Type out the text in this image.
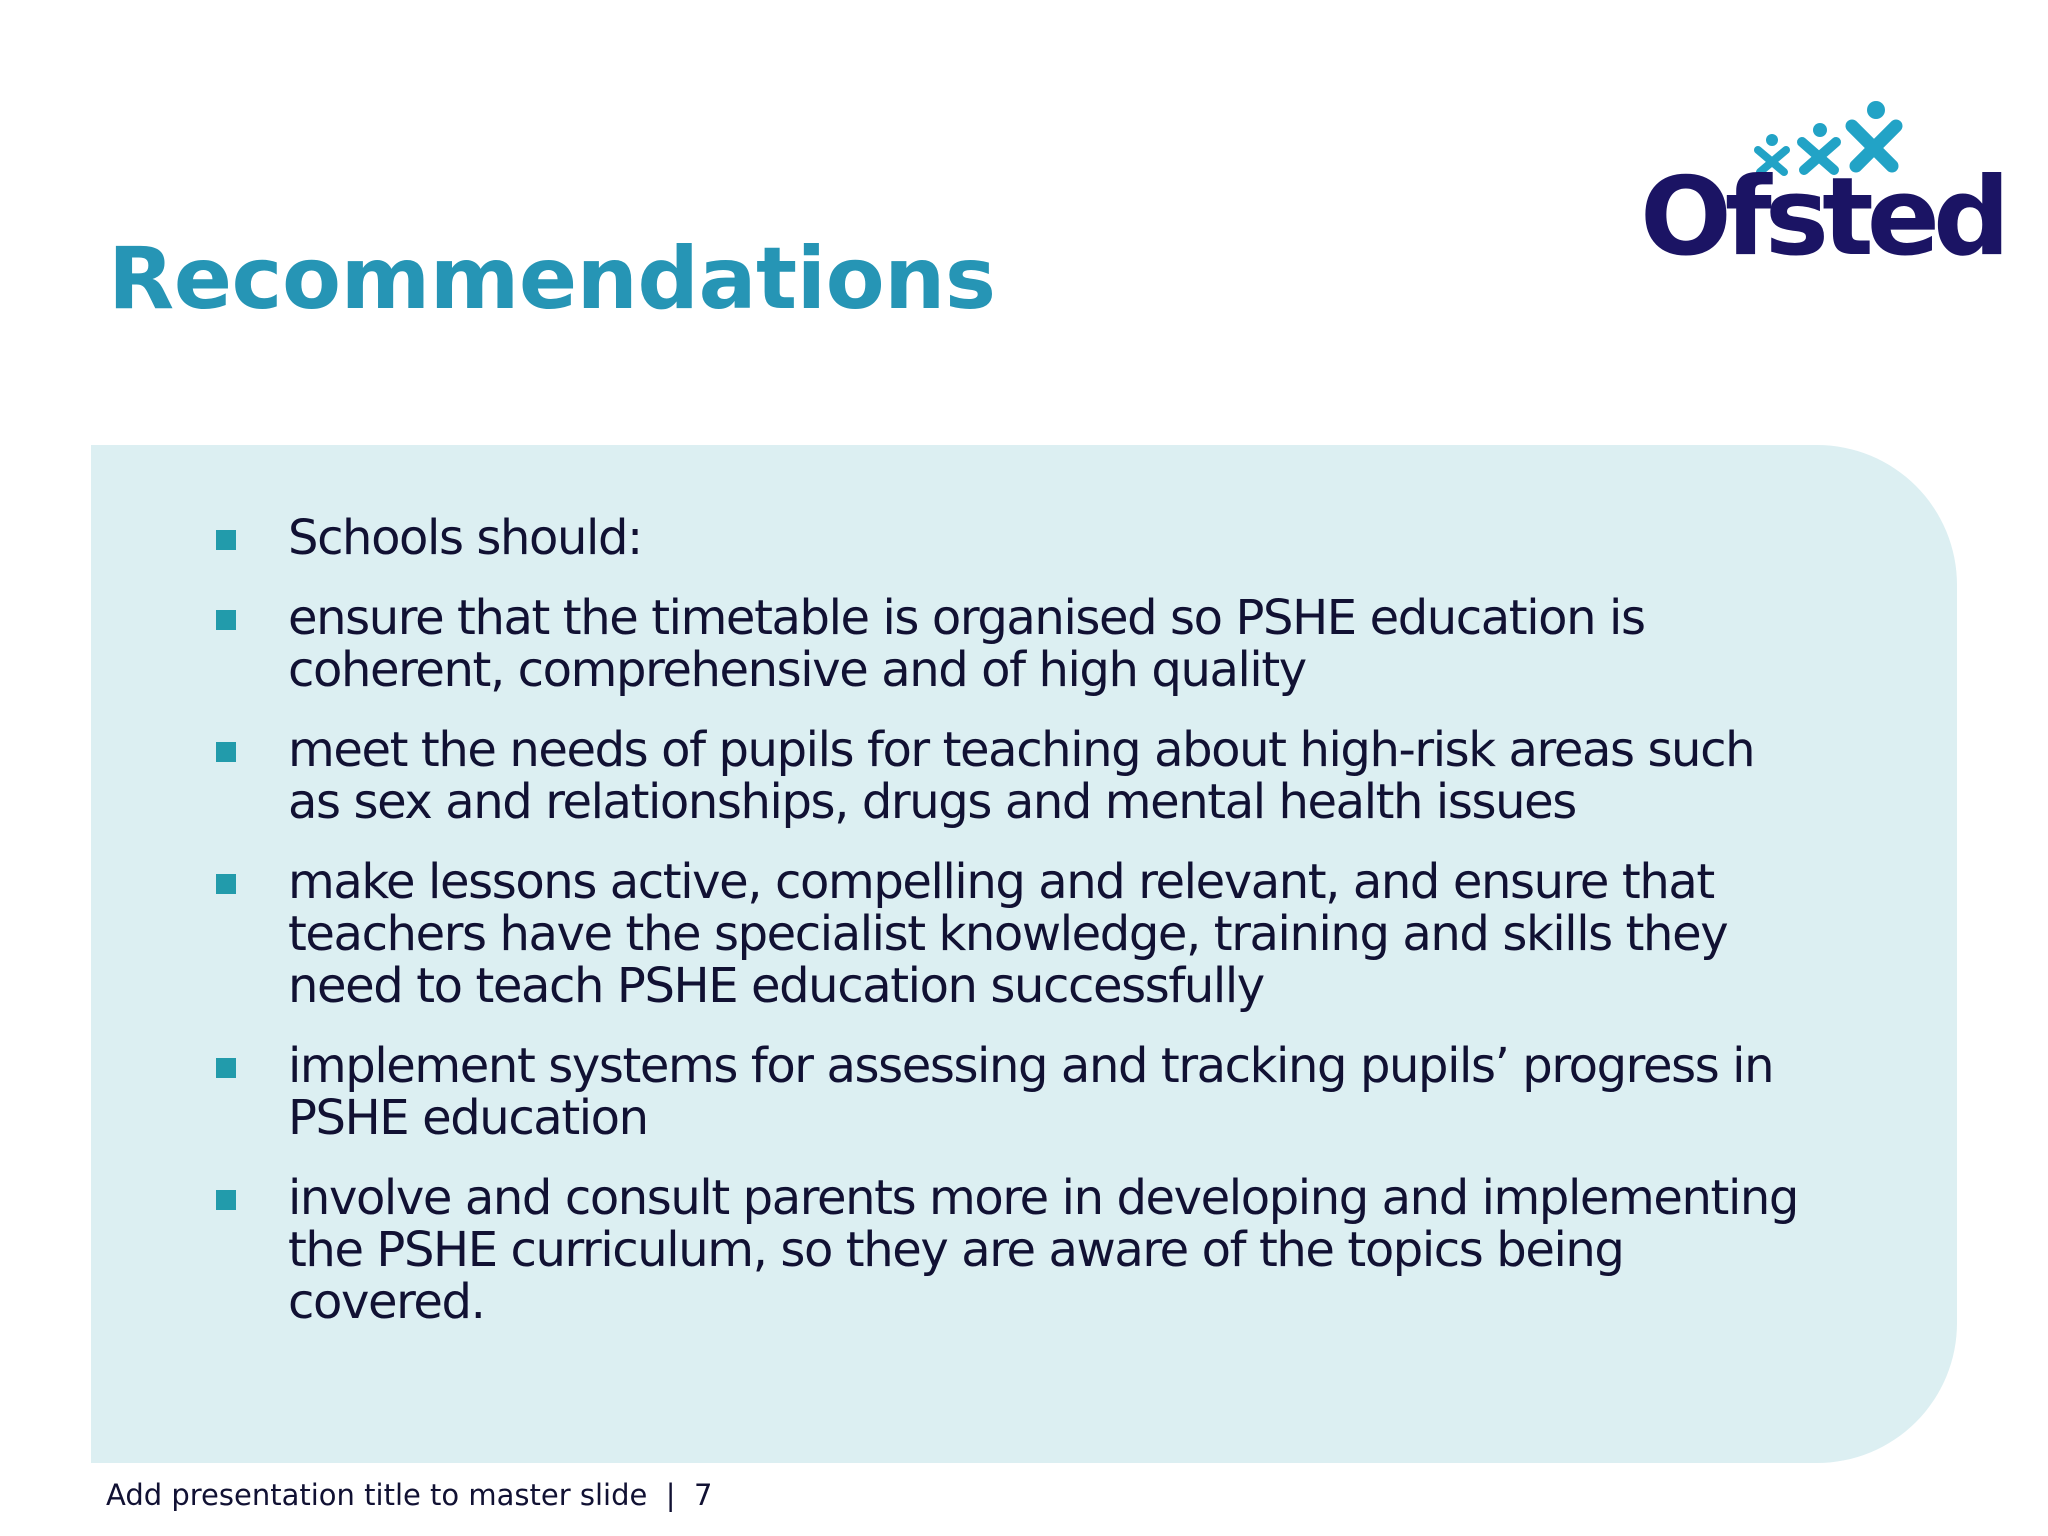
Recommendations	Ofsted
Schools should:
ensure that the timetable is organised so PSHE education is coherent, comprehensive and of high quality
meet the needs of pupils for teaching about high-risk areas such as sex and relationships, drugs and mental health issues
make lessons active, compelling and relevant, and ensure that teachers have the specialist knowledge, training and skills they need to teach PSHE education successfully
implement systems for assessing and tracking pupils’ progress in PSHE education
involve and consult parents more in developing and implementing the PSHE curriculum, so they are aware of the topics being covered.
Add presentation title to master slide | 7
